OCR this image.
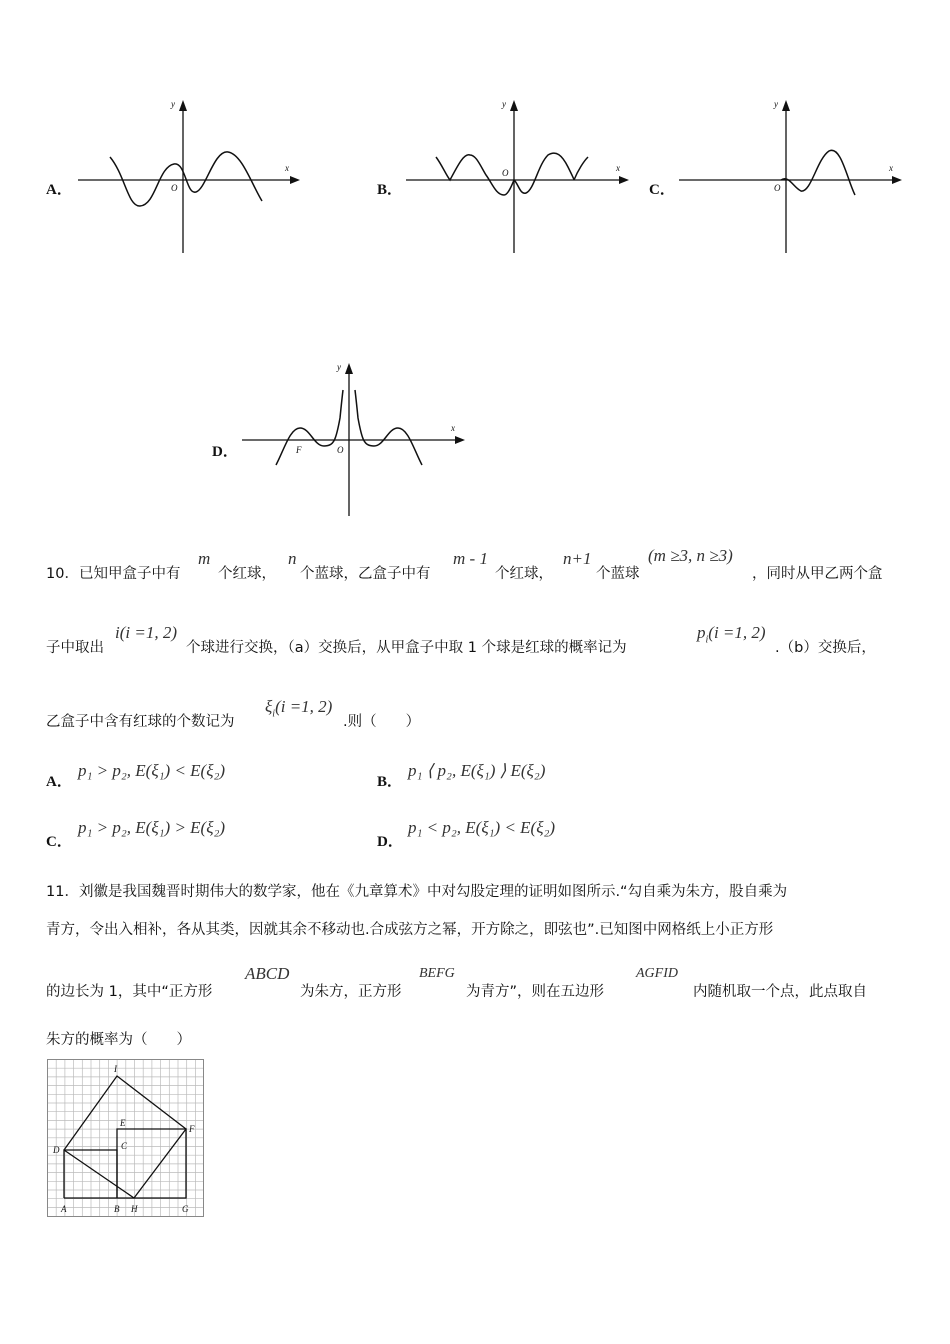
A．
y
x
O	B．
y
x
O
C．
y
x
O
D．
y
x
O
F
10．已知甲盒子中有
m
个红球，
n
个蓝球，乙盒子中有
m - 1
个红球，
n+1
个蓝球
(m ≥3, n ≥3)
，同时从甲乙两个盒
子中取出
i(i =1, 2)
个球进行交换，（a）交换后，从甲盒子中取 1 个球是红球的概率记为
$p_i(i =1$, 2)
.（b）交换后，
乙盒子中含有红球的个数记为
$\xi_i(i =1$, 2)
.则（　　）
A．
p₁ > p₂, E(ξ₁) < E(ξ₂)
B．
p₁ ⟨ p₂, E(ξ₁) ⟩ E(ξ₂)
C．
p₁ > p₂, E(ξ₁) > E(ξ₂)
D．
p₁ < p₂, E(ξ₁) < E(ξ₂)
11．刘徽是我国魏晋时期伟大的数学家，他在《九章算术》中对勾股定理的证明如图所示.“勾自乘为朱方，股自乘为
青方，令出入相补，各从其类，因就其余不移动也.合成弦方之幂，开方除之，即弦也”.已知图中网格纸上小正方形
的边长为 1，其中“正方形
ABCD
为朱方，正方形
BEFG
为青方”，则在五边形
AGFID
内随机取一个点，此点取自
朱方的概率为（　　）
I
E
F
D	C
A	B H	G
